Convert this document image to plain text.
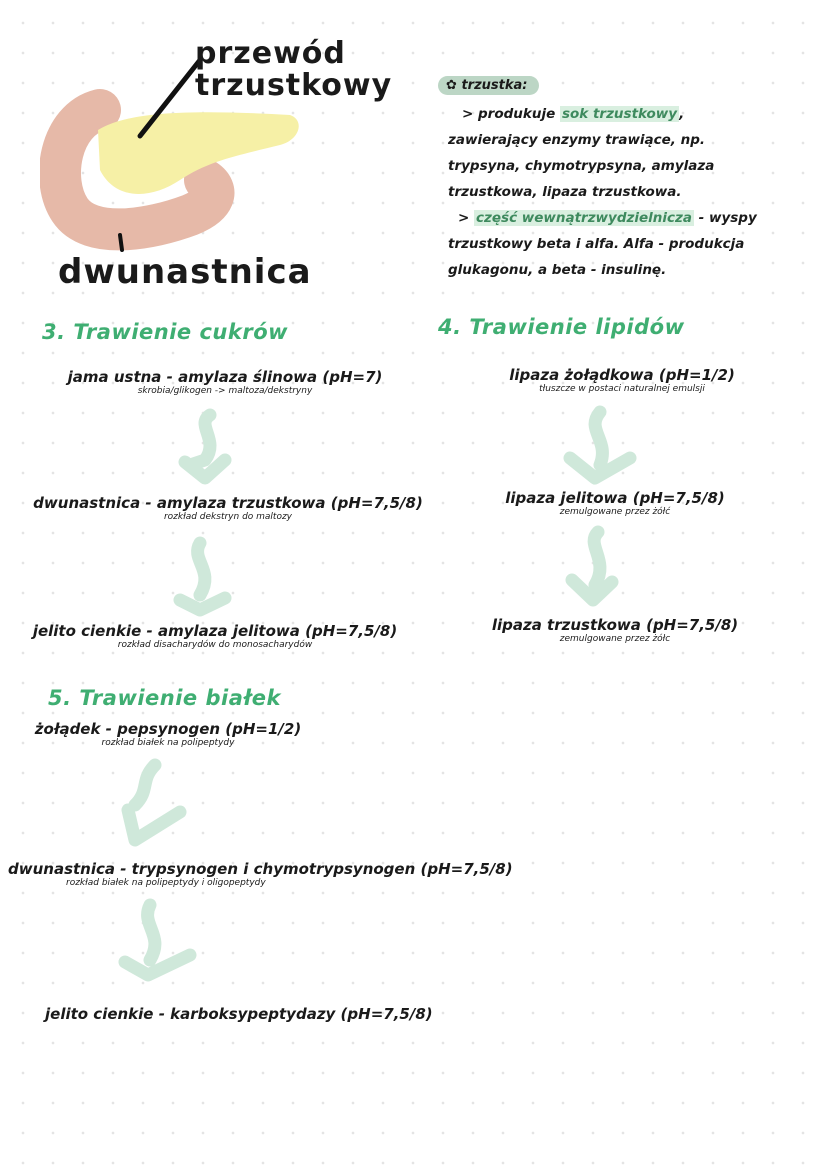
przewód
trzustkowy
dwunastnica
✿ trzustka:
> produkuje sok trzustkowy , zawierający enzymy trawiące, np. trypsyna, chymotrypsyna, amylaza trzustkowa, lipaza trzustkowa.
> część wewnątrzwydzielnicza - wyspy trzustkowy beta i alfa. Alfa - produkcja glukagonu, a beta - insulinę.
3. Trawienie cukrów
jama ustna - amylaza ślinowa (pH=7)
skrobia/glikogen -> maltoza/dekstryny
dwunastnica - amylaza trzustkowa (pH=7,5/8)
rozkład dekstryn do maltozy
jelito cienkie - amylaza jelitowa (pH=7,5/8)
rozkład disacharydów do monosacharydów
4. Trawienie lipidów
lipaza żołądkowa (pH=1/2)
tłuszcze w postaci naturalnej emulsji
lipaza jelitowa (pH=7,5/8)
zemulgowane przez żółć
lipaza trzustkowa (pH=7,5/8)
zemulgowane przez żółc
5. Trawienie białek
żołądek - pepsynogen (pH=1/2)
rozkład białek na polipeptydy
dwunastnica - trypsynogen i chymotrypsynogen (pH=7,5/8)
rozkład białek na polipeptydy i oligopeptydy
jelito cienkie - karboksypeptydazy (pH=7,5/8)
